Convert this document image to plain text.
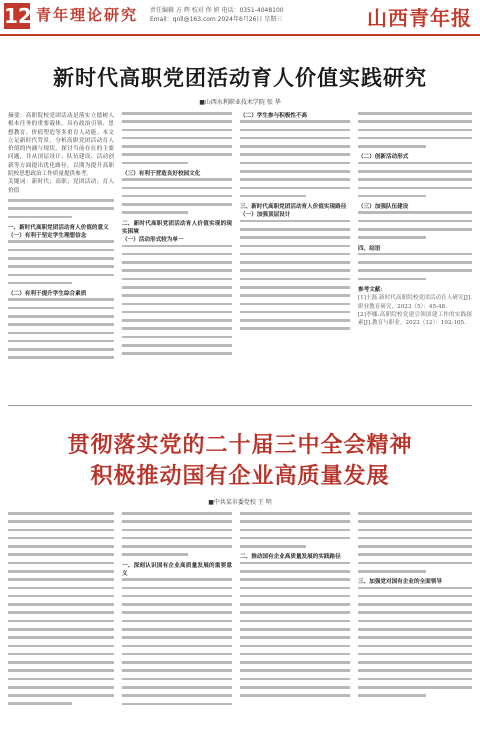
12 青年理论研究 责任编辑 方 辉 校对 佟 妍 电话：0351-4048100
Email：qnll@163.com 2024年6月26日 星期三	山西青年报
新时代高职党团活动育人价值实践研究
■山西水利职业技术学院 张 华
摘要：高职院校党团活动是落实立德树人根本任务的重要载体，具有政治引领、思想教育、价值塑造等多重育人功能。本文立足新时代背景，分析高职党团活动育人价值的内涵与现状，探讨当前存在的主要问题，并从顶层设计、队伍建设、活动创新等方面提出优化路径，以期为提升高职院校思想政治工作质量提供参考。
关键词：新时代；高职；党团活动；育人价值
一、新时代高职党团活动育人价值的意义
（一）有利于坚定学生理想信念
（二）有利于提升学生综合素质
（三）有利于营造良好校园文化
二、新时代高职党团活动育人价值实现的现实困境
（一）活动形式较为单一
（二）学生参与积极性不高
三、新时代高职党团活动育人价值实现路径
（一）加强顶层设计
（二）创新活动形式
（三）加强队伍建设
四、结语
参考文献：
[1]王磊.新时代高职院校党团活动育人研究[J].职业教育研究，2023（5）：45-48.
[2]李娜.高职院校党建引领团建工作的实践探索[J].教育与职业，2022（12）：102-105.
贯彻落实党的二十届三中全会精神
积极推动国有企业高质量发展
■中共某市委党校 王 明
一、深刻认识国有企业高质量发展的重要意义
二、推动国有企业高质量发展的实践路径
三、加强党对国有企业的全面领导
